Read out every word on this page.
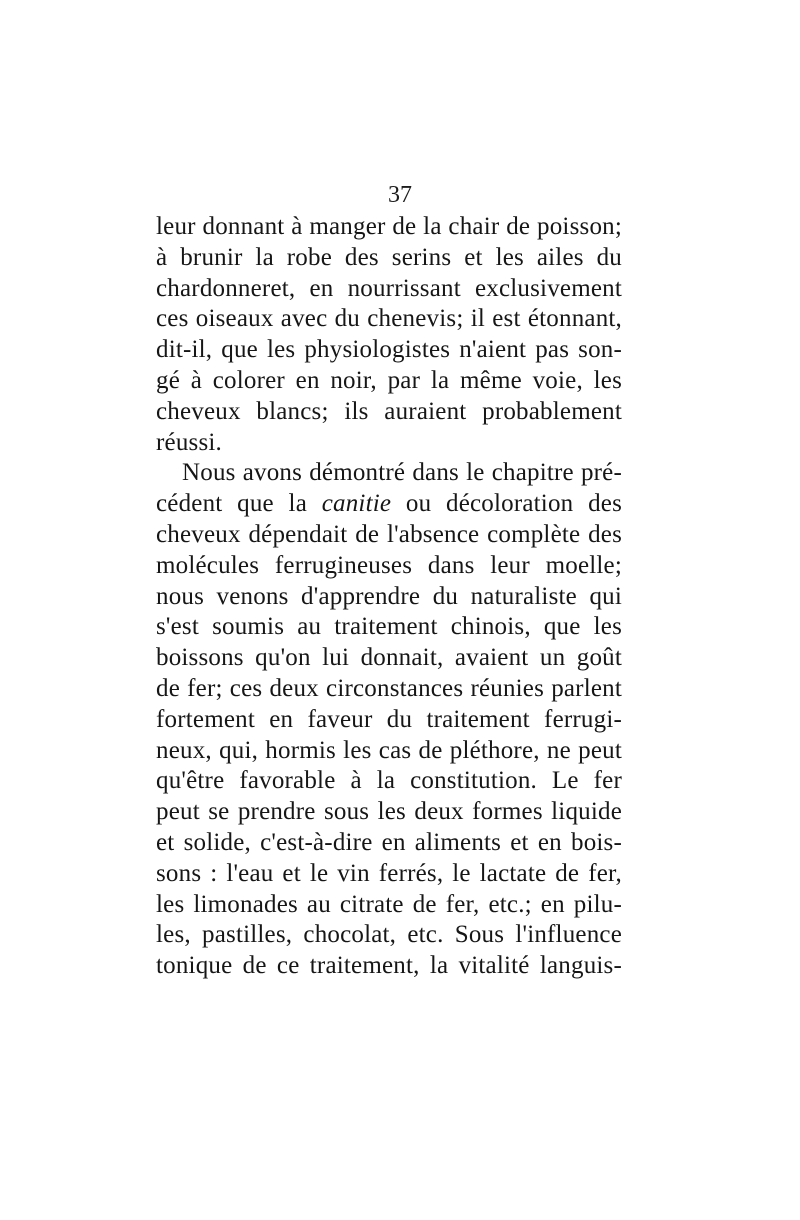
37
leur donnant à manger de la chair de poisson;
à brunir la robe des serins et les ailes du
chardonneret, en nourrissant exclusivement
ces oiseaux avec du chenevis; il est étonnant,
dit-il, que les physiologistes n'aient pas son-
gé à colorer en noir, par la même voie, les
cheveux blancs; ils auraient probablement
réussi.
Nous avons démontré dans le chapitre pré-
cédent que la canitie ou décoloration des
cheveux dépendait de l'absence complète des
molécules ferrugineuses dans leur moelle;
nous venons d'apprendre du naturaliste qui
s'est soumis au traitement chinois, que les
boissons qu'on lui donnait, avaient un goût
de fer; ces deux circonstances réunies parlent
fortement en faveur du traitement ferrugi-
neux, qui, hormis les cas de pléthore, ne peut
qu'être favorable à la constitution. Le fer
peut se prendre sous les deux formes liquide
et solide, c'est-à-dire en aliments et en bois-
sons : l'eau et le vin ferrés, le lactate de fer,
les limonades au citrate de fer, etc.; en pilu-
les, pastilles, chocolat, etc. Sous l'influence
tonique de ce traitement, la vitalité languis-
